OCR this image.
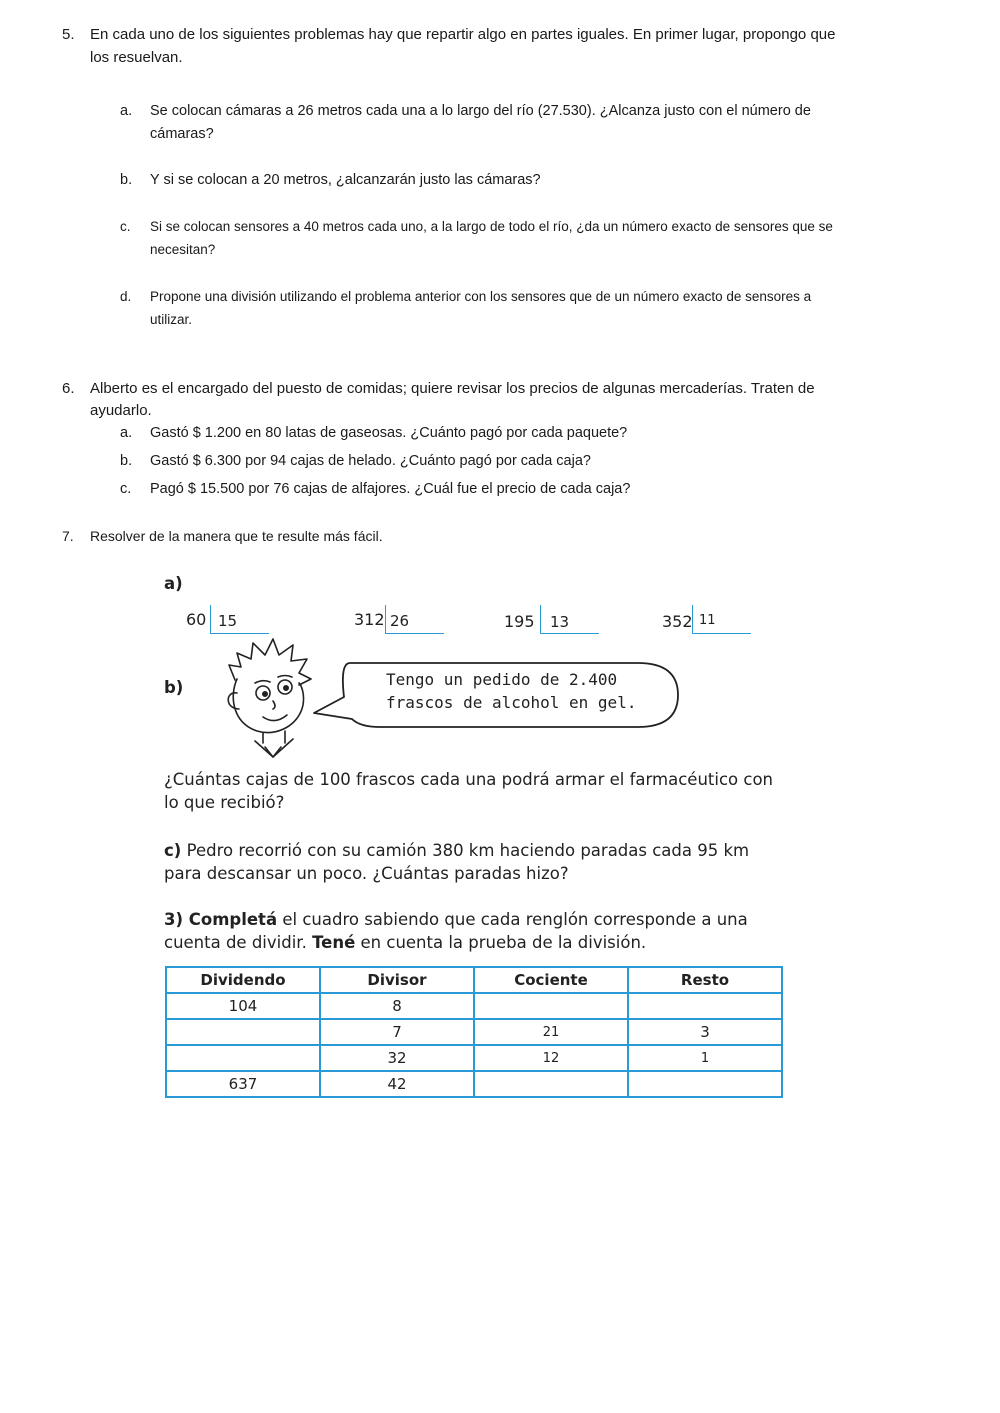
5.	En cada uno de los siguientes problemas hay que repartir algo en partes iguales. En primer lugar, propongo que
los resuelvan.
a.	Se colocan cámaras a 26 metros cada una a lo largo del río (27.530). ¿Alcanza justo con el número de
cámaras?
b.	Y si se colocan a 20 metros, ¿alcanzarán justo las cámaras?
c.	Si se colocan sensores a 40 metros cada uno, a la largo de todo el río, ¿da un número exacto de sensores que se
necesitan?
d.	Propone una división utilizando el problema anterior con los sensores que de un número exacto de sensores a
utilizar.
6.	Alberto es el encargado del puesto de comidas; quiere revisar los precios de algunas mercaderías. Traten de
ayudarlo.
a.	Gastó $ 1.200 en 80 latas de gaseosas. ¿Cuánto pagó por cada paquete?
b.	Gastó $ 6.300 por 94 cajas de helado. ¿Cuánto pagó por cada caja?
c.	Pagó $ 15.500 por 76 cajas de alfajores. ¿Cuál fue el precio de cada caja?
7.	Resolver de la manera que te resulte más fácil.
a)
60 15	312 26	195 13	352 11
b)	Tengo un pedido de 2.400
frascos de alcohol en gel.
¿Cuántas cajas de 100 frascos cada una podrá armar el farmacéutico con
lo que recibió?
c) Pedro recorrió con su camión 380 km haciendo paradas cada 95 km
para descansar un poco. ¿Cuántas paradas hizo?
3) Completá el cuadro sabiendo que cada renglón corresponde a una
cuenta de dividir. Tené en cuenta la prueba de la división.
Dividendo	Divisor	Cociente	Resto
104	8		
	7	21	3
	32	12	1
637	42		
